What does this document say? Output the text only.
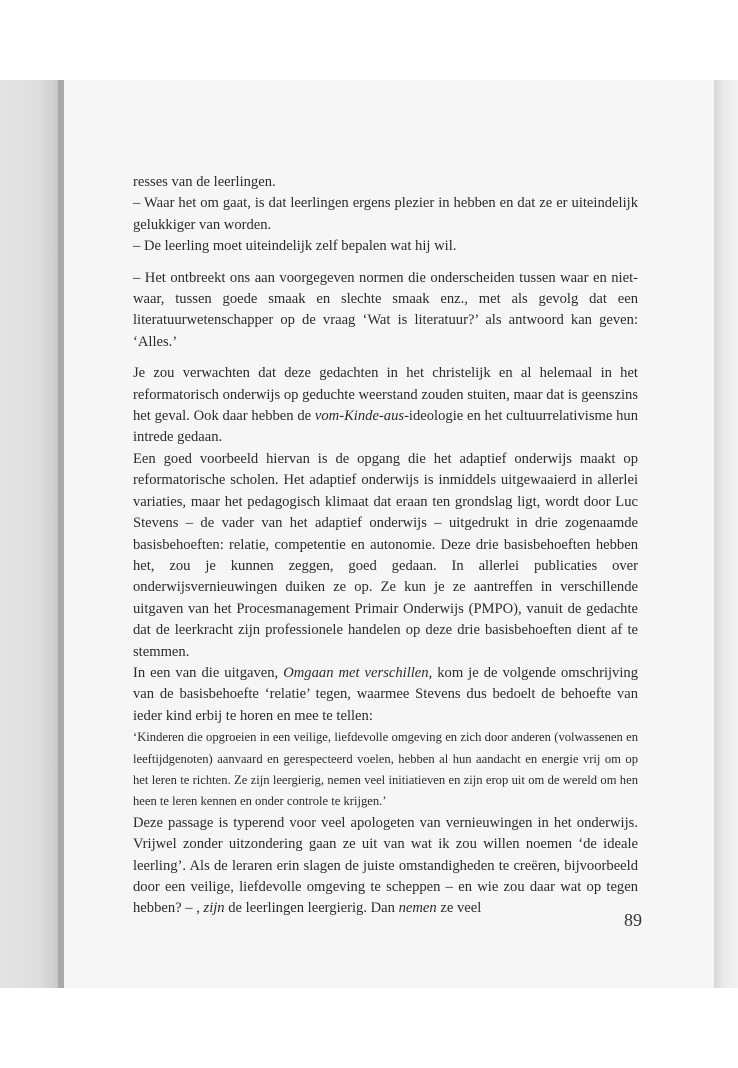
resses van de leerlingen.

– Waar het om gaat, is dat leerlingen ergens plezier in hebben en dat ze er uiteindelijk gelukkiger van worden.

– De leerling moet uiteindelijk zelf bepalen wat hij wil.

– Het ontbreekt ons aan voorgegeven normen die onderscheiden tussen waar en niet-waar, tussen goede smaak en slechte smaak enz., met als gevolg dat een literatuurwetenschapper op de vraag ‘Wat is literatuur?’ als antwoord kan geven: ‘Alles.’

Je zou verwachten dat deze gedachten in het christelijk en al helemaal in het reformatorisch onderwijs op geduchte weerstand zouden stuiten, maar dat is geenszins het geval. Ook daar hebben de vom-Kinde-aus-ideologie en het cultuurrelativisme hun intrede gedaan.

Een goed voorbeeld hiervan is de opgang die het adaptief onderwijs maakt op reformatorische scholen. Het adaptief onderwijs is inmiddels uitgewaaierd in allerlei variaties, maar het pedagogisch klimaat dat eraan ten grondslag ligt, wordt door Luc Stevens – de vader van het adaptief onderwijs – uitgedrukt in drie zogenaamde basisbehoeften: relatie, competentie en autonomie. Deze drie basisbehoeften hebben het, zou je kunnen zeggen, goed gedaan. In allerlei publicaties over onderwijsvernieuwingen duiken ze op. Ze kun je ze aantreffen in verschillende uitgaven van het Procesmanagement Primair Onderwijs (PMPO), vanuit de gedachte dat de leerkracht zijn professionele handelen op deze drie basisbehoeften dient af te stemmen.

In een van die uitgaven, Omgaan met verschillen, kom je de volgende omschrijving van de basisbehoefte ‘relatie’ tegen, waarmee Stevens dus bedoelt de behoefte van ieder kind erbij te horen en mee te tellen:

‘Kinderen die opgroeien in een veilige, liefdevolle omgeving en zich door anderen (volwassenen en leeftijdgenoten) aanvaard en gerespecteerd voelen, hebben al hun aandacht en energie vrij om op het leren te richten. Ze zijn leergierig, nemen veel initiatieven en zijn erop uit om de wereld om hen heen te leren kennen en onder controle te krijgen.’

Deze passage is typerend voor veel apologeten van vernieuwingen in het onderwijs. Vrijwel zonder uitzondering gaan ze uit van wat ik zou willen noemen ‘de ideale leerling’. Als de leraren erin slagen de juiste omstandigheden te creëren, bijvoorbeeld door een veilige, liefdevolle omgeving te scheppen – en wie zou daar wat op tegen hebben? – , zijn de leerlingen leergierig. Dan nemen ze veel

89
